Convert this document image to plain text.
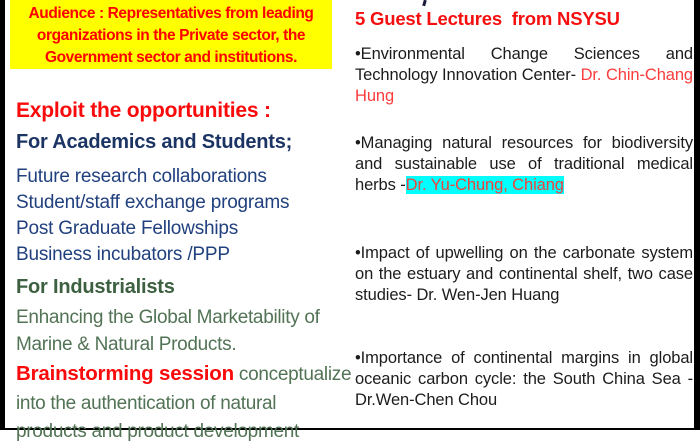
Audience : Representatives from leading organizations in the Private sector, the Government sector and institutions.
Exploit the opportunities :
For Academics and Students;
Future research collaborations
Student/staff exchange programs
Post Graduate Fellowships
Business incubators /PPP
For Industrialists
Enhancing the Global Marketability of Marine & Natural Products.
Brainstorming session conceptualize
into the authentication of natural
products and product development
5 Guest Lectures  from NSYSU
•Environmental Change Sciences and Technology Innovation Center- Dr. Chin-Chang Hung
•Managing natural resources for biodiversity and sustainable use of traditional medical herbs -Dr. Yu-Chung, Chiang
•Impact of upwelling on the carbonate system on the estuary and continental shelf, two case studies- Dr. Wen-Jen Huang
•Importance of continental margins in global oceanic carbon cycle: the South China Sea - Dr.Wen-Chen Chou
